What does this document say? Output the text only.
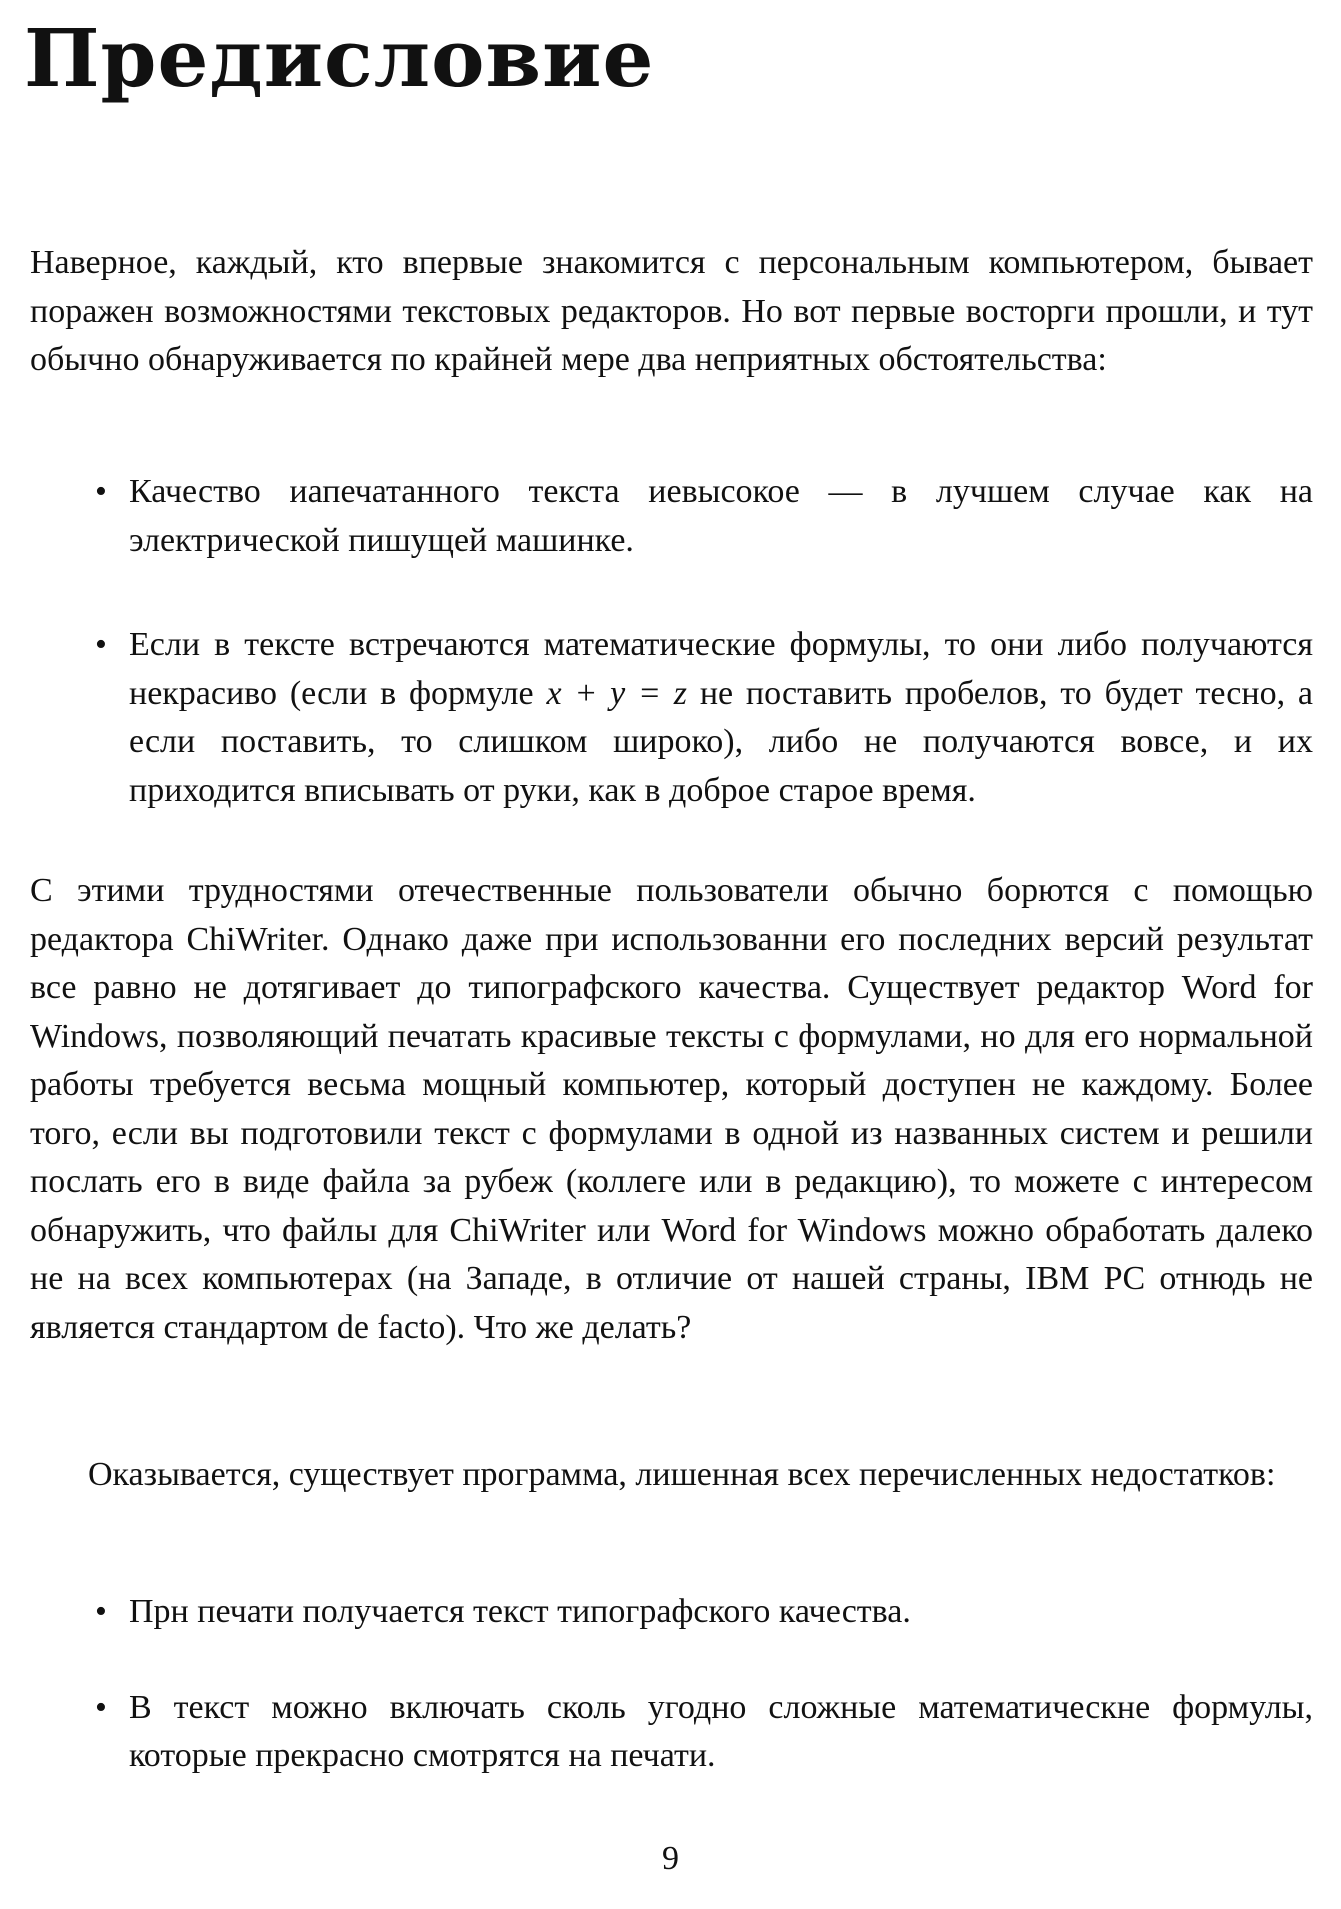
Предисловие

Наверное, каждый, кто впервые знакомится с персональным компьютером, бывает поражен возможностями текстовых редакторов. Но вот первые восторги прошли, и тут обычно обнаруживается по крайней мере два неприятных обстоятельства:

• Качество иапечатанного текста иевысокое — в лучшем случае как на электрической пишущей машинке.
• Если в тексте встречаются математические формулы, то они либо получаются некрасиво (если в формуле x + y = z не поставить пробелов, то будет тесно, а если поставить, то слишком широко), либо не получаются вовсе, и их приходится вписывать от руки, как в доброе старое время.

С этими трудностями отечественные пользователи обычно борются с помощью редактора ChiWriter. Однако даже при использованни его последних версий результат все равно не дотягивает до типографского качества. Существует редактор Word for Windows, позволяющий печатать красивые тексты с формулами, но для его нормальной работы требуется весьма мощный компьютер, который доступен не каждому. Более того, если вы подготовили текст с формулами в одной из названных систем и решили послать его в виде файла за рубеж (коллеге или в редакцию), то можете с интересом обнаружить, что файлы для ChiWriter или Word for Windows можно обработать далеко не на всех компьютерах (на Западе, в отличие от нашей страны, IBM PC отнюдь не является стандартом de facto). Что же делать?

Оказывается, существует программа, лишенная всех перечисленных недостатков:

• Прн печати получается текст типографского качества.
• В текст можно включать сколь угодно сложные математическне формулы, которые прекрасно смотрятся на печати.
9
